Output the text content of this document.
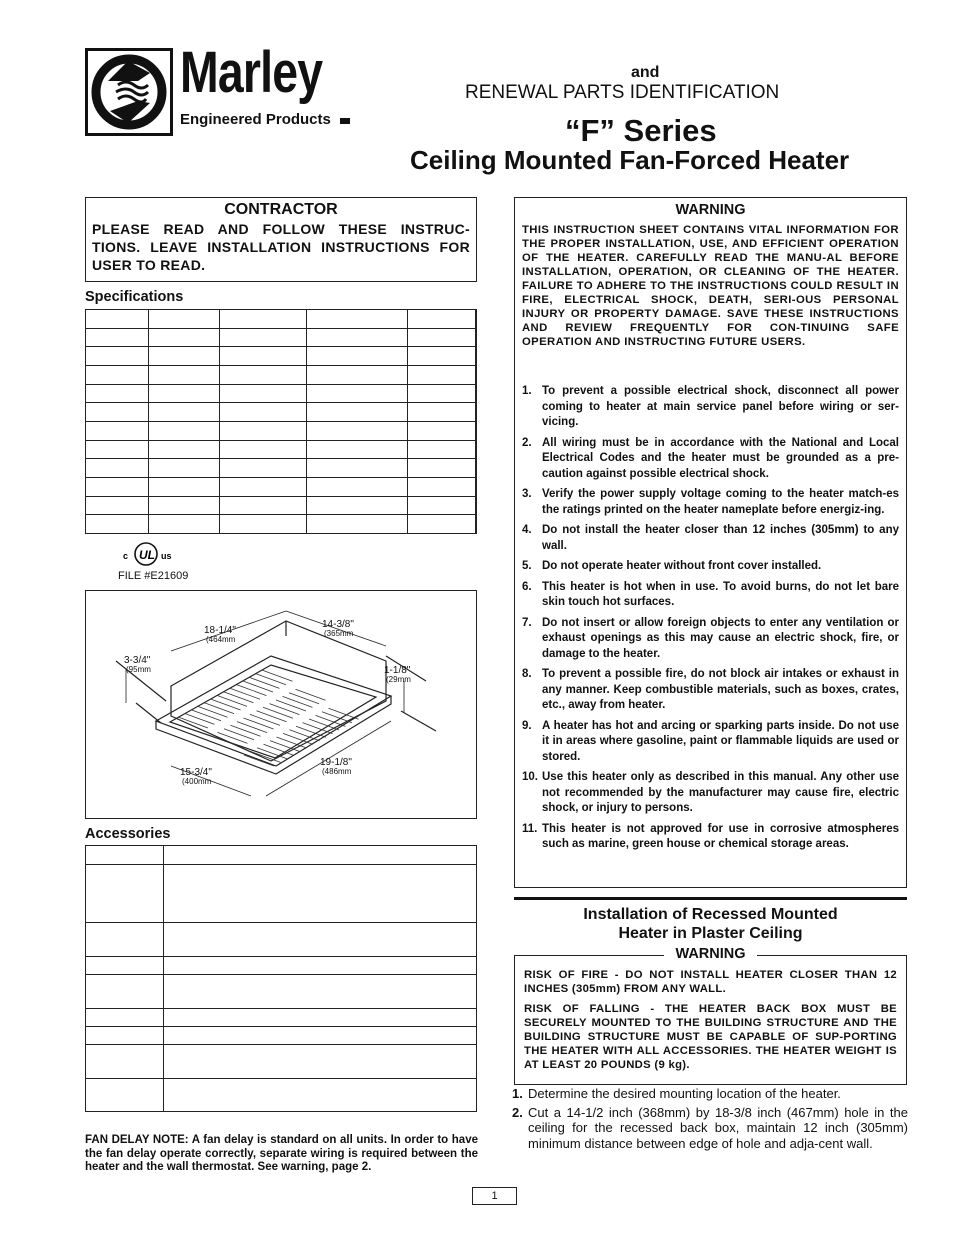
Marley
Engineered Products
and
RENEWAL PARTS IDENTIFICATION
“F” Series
Ceiling Mounted Fan-Forced Heater
CONTRACTOR
PLEASE READ AND FOLLOW THESE INSTRUC-TIONS. LEAVE INSTALLATION INSTRUCTIONS FOR USER TO READ.
Specifications

c UL us
FILE #E21609
18-1/4"
(464mm
14-3/8"
(365mm
3-3/4"
(95mm	1-1/8"
(29mm
15-3/4"
(400mm
19-1/8"
(486mm
Accessories

FAN DELAY NOTE: A fan delay is standard on all units. In order to have the fan delay operate correctly, separate wiring is required between the heater and the wall thermostat. See warning, page 2.
WARNING
THIS INSTRUCTION SHEET CONTAINS VITAL INFORMATION FOR THE PROPER INSTALLATION, USE, AND EFFICIENT OPERATION OF THE HEATER. CAREFULLY READ THE MANU-AL BEFORE INSTALLATION, OPERATION, OR CLEANING OF THE HEATER. FAILURE TO ADHERE TO THE INSTRUCTIONS COULD RESULT IN FIRE, ELECTRICAL SHOCK, DEATH, SERI-OUS PERSONAL INJURY OR PROPERTY DAMAGE. SAVE THESE INSTRUCTIONS AND REVIEW FREQUENTLY FOR CON-TINUING SAFE OPERATION AND INSTRUCTING FUTURE USERS.
1. To prevent a possible electrical shock, disconnect all power coming to heater at main service panel before wiring or ser-vicing.
2. All wiring must be in accordance with the National and Local Electrical Codes and the heater must be grounded as a pre-caution against possible electrical shock.
3. Verify the power supply voltage coming to the heater match-es the ratings printed on the heater nameplate before energiz-ing.
4. Do not install the heater closer than 12 inches (305mm) to any wall.
5. Do not operate heater without front cover installed.
6. This heater is hot when in use. To avoid burns, do not let bare skin touch hot surfaces.
7. Do not insert or allow foreign objects to enter any ventilation or exhaust openings as this may cause an electric shock, fire, or damage to the heater.
8. To prevent a possible fire, do not block air intakes or exhaust in any manner. Keep combustible materials, such as boxes, crates, etc., away from heater.
9. A heater has hot and arcing or sparking parts inside. Do not use it in areas where gasoline, paint or flammable liquids are used or stored.
10. Use this heater only as described in this manual. Any other use not recommended by the manufacturer may cause fire, electric shock, or injury to persons.
11. This heater is not approved for use in corrosive atmospheres such as marine, green house or chemical storage areas.
Installation of Recessed Mounted
Heater in Plaster Ceiling
RISK OF FIRE - DO NOT INSTALL HEATER CLOSER THAN 12 INCHES (305mm) FROM ANY WALL.
RISK OF FALLING - THE HEATER BACK BOX MUST BE SECURELY MOUNTED TO THE BUILDING STRUCTURE AND THE BUILDING STRUCTURE MUST BE CAPABLE OF SUP-PORTING THE HEATER WITH ALL ACCESSORIES. THE HEATER WEIGHT IS AT LEAST 20 POUNDS (9 kg).
WARNING
1. Determine the desired mounting location of the heater.
2. Cut a 14-1/2 inch (368mm) by 18-3/8 inch (467mm) hole in the ceiling for the recessed back box, maintain 12 inch (305mm) minimum distance between edge of hole and adja-cent wall.
1
